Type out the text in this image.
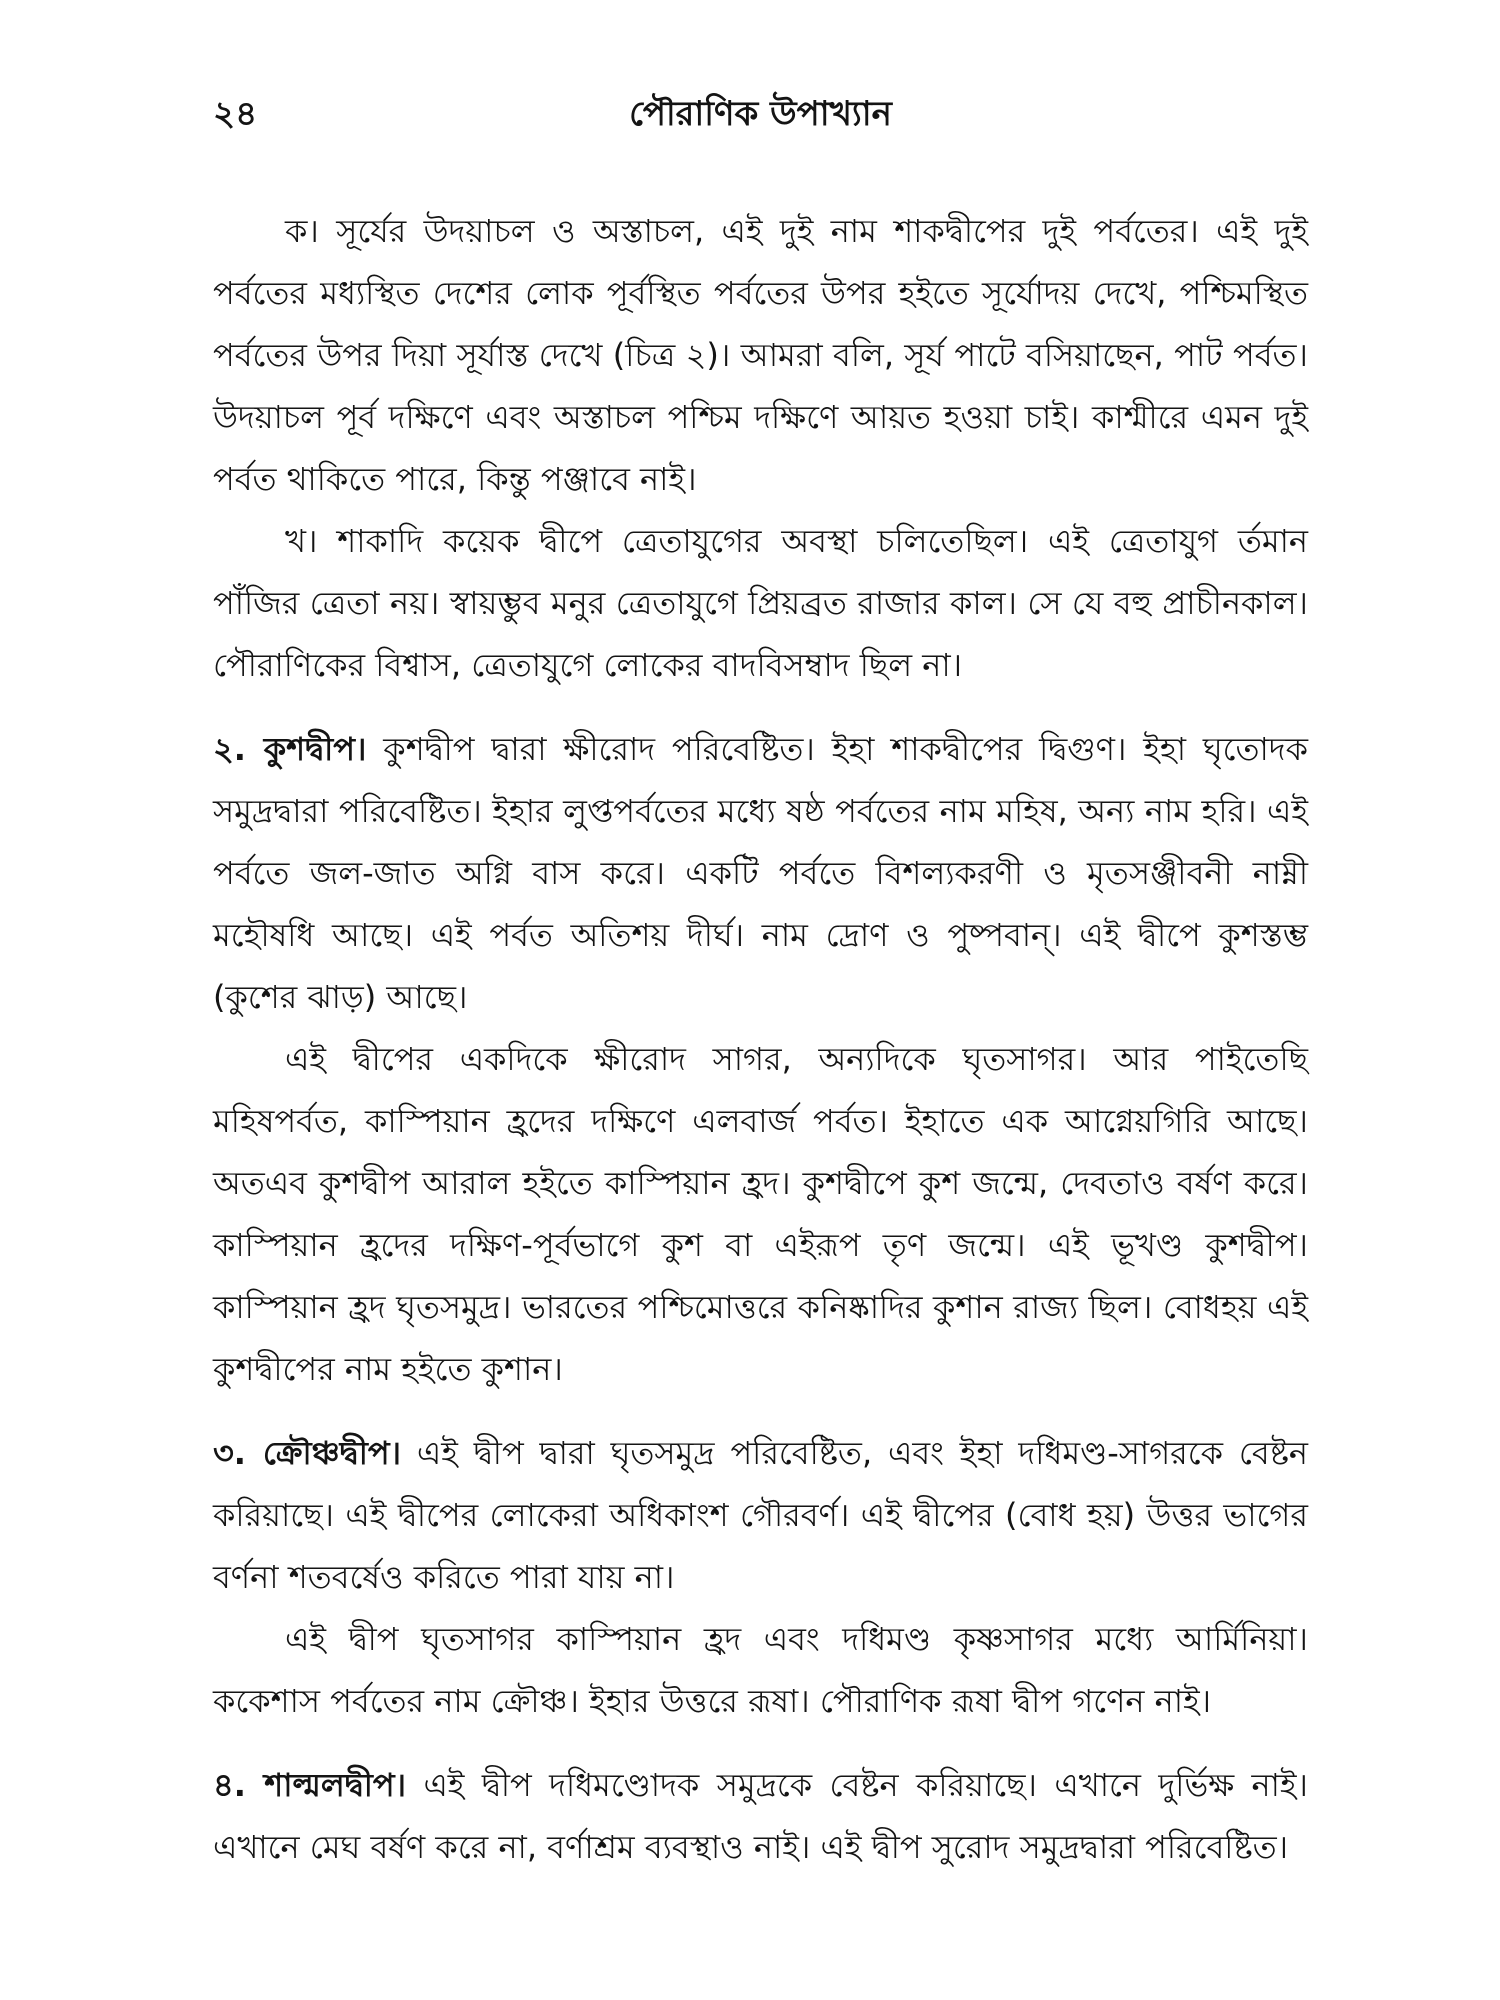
২৪	পৌরাণিক উপাখ্যান

ক। সূর্যের উদয়াচল ও অস্তাচল, এই দুই নাম শাকদ্বীপের দুই পর্বতের। এই দুই পর্বতের মধ্যস্থিত দেশের লোক পূর্বস্থিত পর্বতের উপর হইতে সূর্যোদয় দেখে, পশ্চিমস্থিত পর্বতের উপর দিয়া সূর্যাস্ত দেখে (চিত্র ২)। আমরা বলি, সূর্য পাটে বসিয়াছেন, পাট পর্বত। উদয়াচল পূর্ব দক্ষিণে এবং অস্তাচল পশ্চিম দক্ষিণে আয়ত হওয়া চাই। কাশ্মীরে এমন দুই পর্বত থাকিতে পারে, কিন্তু পঞ্জাবে নাই।

খ। শাকাদি কয়েক দ্বীপে ত্রেতাযুগের অবস্থা চলিতেছিল। এই ত্রেতাযুগ র্তমান পাঁজির ত্রেতা নয়। স্বায়ম্ভুব মনুর ত্রেতাযুগে প্রিয়ব্রত রাজার কাল। সে যে বহু প্রাচীনকাল। পৌরাণিকের বিশ্বাস, ত্রেতাযুগে লোকের বাদবিসম্বাদ ছিল না।

২. কুশদ্বীপ। কুশদ্বীপ দ্বারা ক্ষীরোদ পরিবেষ্টিত। ইহা শাকদ্বীপের দ্বিগুণ। ইহা ঘৃতোদক সমুদ্রদ্বারা পরিবেষ্টিত। ইহার লুপ্তপর্বতের মধ্যে ষষ্ঠ পর্বতের নাম মহিষ, অন্য নাম হরি। এই পর্বতে জল-জাত অগ্নি বাস করে। একটি পর্বতে বিশল্যকরণী ও মৃতসঞ্জীবনী নাম্নী মহৌষধি আছে। এই পর্বত অতিশয় দীর্ঘ। নাম দ্রোণ ও পুষ্পবান্। এই দ্বীপে কুশস্তম্ভ (কুশের ঝাড়) আছে।

এই দ্বীপের একদিকে ক্ষীরোদ সাগর, অন্যদিকে ঘৃতসাগর। আর পাইতেছি মহিষপর্বত, কাস্পিয়ান হ্রদের দক্ষিণে এলবার্জ পর্বত। ইহাতে এক আগ্নেয়গিরি আছে। অতএব কুশদ্বীপ আরাল হইতে কাস্পিয়ান হ্রদ। কুশদ্বীপে কুশ জন্মে, দেবতাও বর্ষণ করে। কাস্পিয়ান হ্রদের দক্ষিণ-পূর্বভাগে কুশ বা এইরূপ তৃণ জন্মে। এই ভূখণ্ড কুশদ্বীপ। কাস্পিয়ান হ্রদ ঘৃতসমুদ্র। ভারতের পশ্চিমোত্তরে কনিষ্কাদির কুশান রাজ্য ছিল। বোধহয় এই কুশদ্বীপের নাম হইতে কুশান।

৩. ক্রৌঞ্চদ্বীপ। এই দ্বীপ দ্বারা ঘৃতসমুদ্র পরিবেষ্টিত, এবং ইহা দধিমণ্ড-সাগরকে বেষ্টন করিয়াছে। এই দ্বীপের লোকেরা অধিকাংশ গৌরবর্ণ। এই দ্বীপের (বোধ হয়) উত্তর ভাগের বর্ণনা শতবর্ষেও করিতে পারা যায় না।

এই দ্বীপ ঘৃতসাগর কাস্পিয়ান হ্রদ এবং দধিমণ্ড কৃষ্ণসাগর মধ্যে আর্মিনিয়া। ককেশাস পর্বতের নাম ক্রৌঞ্চ। ইহার উত্তরে রূষা। পৌরাণিক রূষা দ্বীপ গণেন নাই।

৪. শাল্মলদ্বীপ। এই দ্বীপ দধিমণ্ডোদক সমুদ্রকে বেষ্টন করিয়াছে। এখানে দুর্ভিক্ষ নাই। এখানে মেঘ বর্ষণ করে না, বর্ণাশ্রম ব্যবস্থাও নাই। এই দ্বীপ সুরোদ সমুদ্রদ্বারা পরিবেষ্টিত।
